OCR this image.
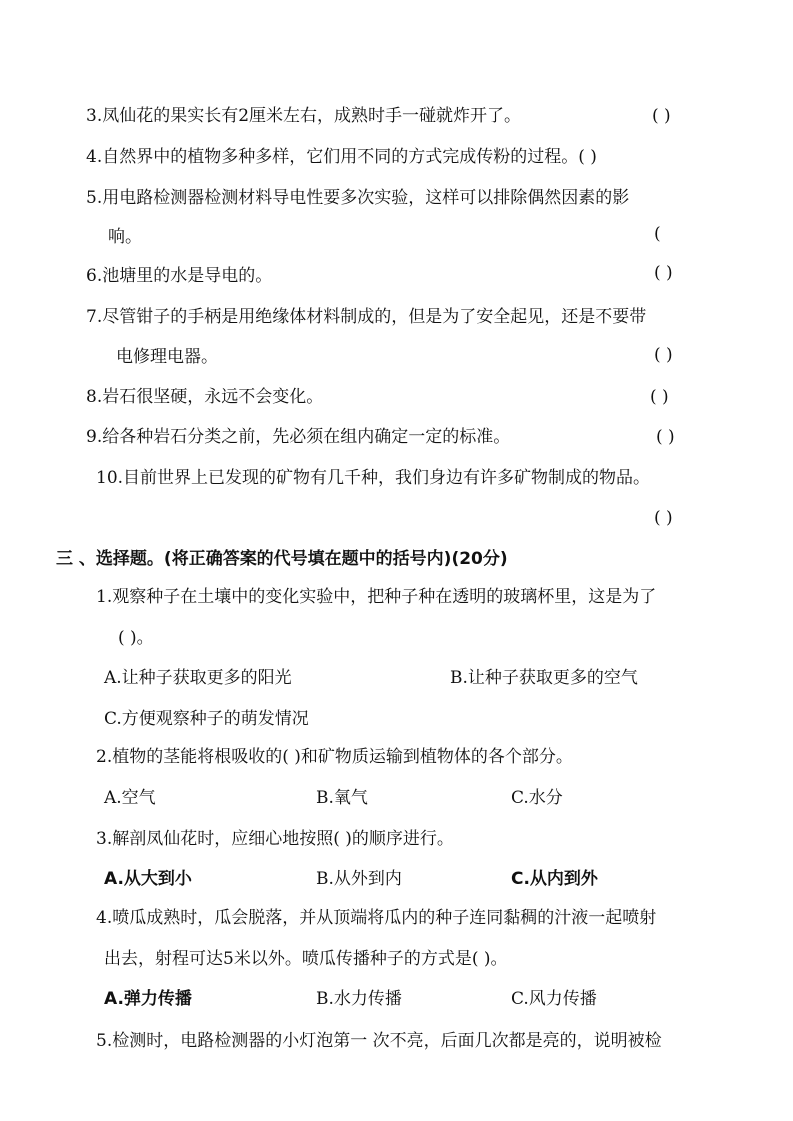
3.凤仙花的果实长有2厘米左右，成熟时手一碰就炸开了。	( )
4.自然界中的植物多种多样，它们用不同的方式完成传粉的过程。( )
5.用电路检测器检测材料导电性要多次实验，这样可以排除偶然因素的影
响。	(
6.池塘里的水是导电的。	( )
7.尽管钳子的手柄是用绝缘体材料制成的，但是为了安全起见，还是不要带
电修理电器。	( )
8.岩石很坚硬，永远不会变化。	( )
9.给各种岩石分类之前，先必须在组内确定一定的标准。	( )
10.目前世界上已发现的矿物有几千种，我们身边有许多矿物制成的物品。
( )
三 、选择题。(将正确答案的代号填在题中的括号内)(20分)
1.观察种子在土壤中的变化实验中，把种子种在透明的玻璃杯里，这是为了
( )。
A.让种子获取更多的阳光	B.让种子获取更多的空气
C.方便观察种子的萌发情况
2.植物的茎能将根吸收的( )和矿物质运输到植物体的各个部分。
A.空气	B.氧气	C.水分
3.解剖凤仙花时，应细心地按照( )的顺序进行。
A.从大到小	B.从外到内	C.从内到外
4.喷瓜成熟时，瓜会脱落，并从顶端将瓜内的种子连同黏稠的汁液一起喷射
出去，射程可达5米以外。喷瓜传播种子的方式是( )。
A.弹力传播	B.水力传播	C.风力传播
5.检测时，电路检测器的小灯泡第一 次不亮，后面几次都是亮的，说明被检
